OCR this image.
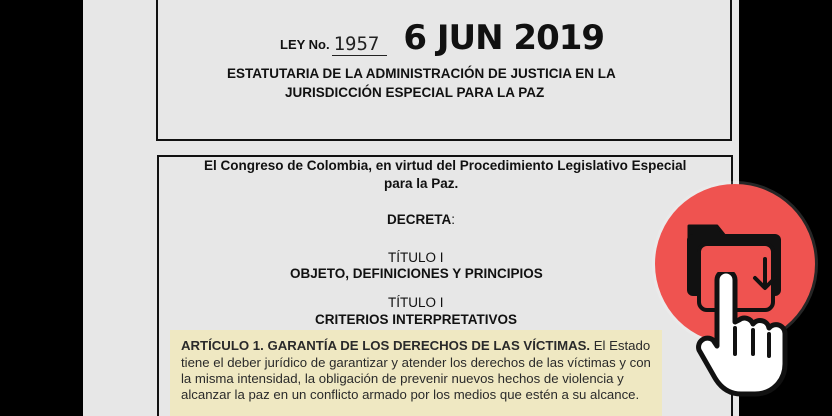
LEY No. 1957 6 JUN 2019
ESTATUTARIA DE LA ADMINISTRACIÓN DE JUSTICIA EN LA
JURISDICCIÓN ESPECIAL PARA LA PAZ
El Congreso de Colombia, en virtud del Procedimiento Legislativo Especial
para la Paz.
DECRETA:
TÍTULO I
OBJETO, DEFINICIONES Y PRINCIPIOS
TÍTULO I
CRITERIOS INTERPRETATIVOS
ARTÍCULO 1. GARANTÍA DE LOS DERECHOS DE LAS VÍCTIMAS. El Estado
tiene el deber jurídico de garantizar y atender los derechos de las víctimas y con
la misma intensidad, la obligación de prevenir nuevos hechos de violencia y
alcanzar la paz en un conflicto armado por los medios que estén a su alcance.
